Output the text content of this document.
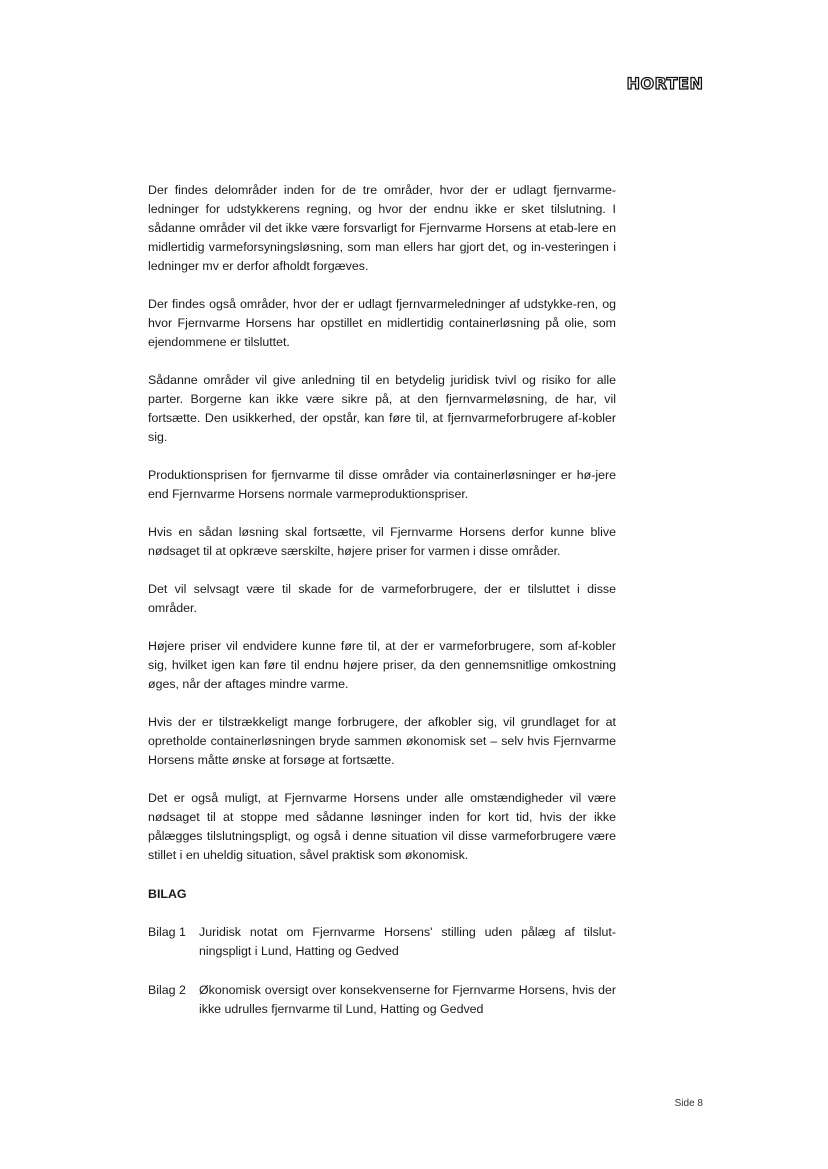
HORTEN

Der findes delområder inden for de tre områder, hvor der er udlagt fjernvarme-ledninger for udstykkerens regning, og hvor der endnu ikke er sket tilslutning. I sådanne områder vil det ikke være forsvarligt for Fjernvarme Horsens at etab-lere en midlertidig varmeforsyningsløsning, som man ellers har gjort det, og in-vesteringen i ledninger mv er derfor afholdt forgæves.

Der findes også områder, hvor der er udlagt fjernvarmeledninger af udstykke-ren, og hvor Fjernvarme Horsens har opstillet en midlertidig containerløsning på olie, som ejendommene er tilsluttet.

Sådanne områder vil give anledning til en betydelig juridisk tvivl og risiko for alle parter. Borgerne kan ikke være sikre på, at den fjernvarmeløsning, de har, vil fortsætte. Den usikkerhed, der opstår, kan føre til, at fjernvarmeforbrugere af-kobler sig.

Produktionsprisen for fjernvarme til disse områder via containerløsninger er hø-jere end Fjernvarme Horsens normale varmeproduktionspriser.

Hvis en sådan løsning skal fortsætte, vil Fjernvarme Horsens derfor kunne blive nødsaget til at opkræve særskilte, højere priser for varmen i disse områder.

Det vil selvsagt være til skade for de varmeforbrugere, der er tilsluttet i disse områder.

Højere priser vil endvidere kunne føre til, at der er varmeforbrugere, som af-kobler sig, hvilket igen kan føre til endnu højere priser, da den gennemsnitlige omkostning øges, når der aftages mindre varme.

Hvis der er tilstrækkeligt mange forbrugere, der afkobler sig, vil grundlaget for at opretholde containerløsningen bryde sammen økonomisk set – selv hvis Fjernvarme Horsens måtte ønske at forsøge at fortsætte.

Det er også muligt, at Fjernvarme Horsens under alle omstændigheder vil være nødsaget til at stoppe med sådanne løsninger inden for kort tid, hvis der ikke pålægges tilslutningspligt, og også i denne situation vil disse varmeforbrugere være stillet i en uheldig situation, såvel praktisk som økonomisk.

BILAG
Bilag 1	Juridisk notat om Fjernvarme Horsens' stilling uden pålæg af tilslut-ningspligt i Lund, Hatting og Gedved
Bilag 2	Økonomisk oversigt over konsekvenserne for Fjernvarme Horsens, hvis der ikke udrulles fjernvarme til Lund, Hatting og Gedved
Side 8
